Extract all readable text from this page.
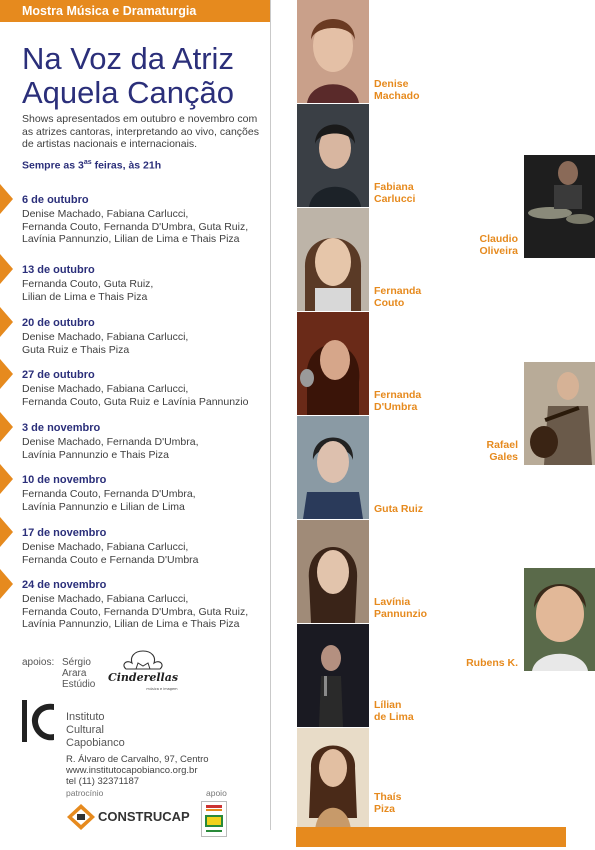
Mostra Música e Dramaturgia
Na Voz da Atriz
Aquela Canção
Shows apresentados em outubro e novembro com as atrizes cantoras, interpretando ao vivo, canções de artistas nacionais e internacionais.
Sempre as $3^{as}$ feiras, às 21h
6 de outubro
Denise Machado, Fabiana Carlucci,
Fernanda Couto, Fernanda D'Umbra, Guta Ruiz,
Lavínia Pannunzio, Lilian de Lima e Thais Piza
13 de outubro
Fernanda Couto, Guta Ruiz,
Lilian de Lima e Thais Piza
20 de outubro
Denise Machado, Fabiana Carlucci,
Guta Ruiz e Thais Piza
27 de outubro
Denise Machado, Fabiana Carlucci,
Fernanda Couto, Guta Ruiz e Lavínia Pannunzio
3 de novembro
Denise Machado, Fernanda D'Umbra,
Lavínia Pannunzio e Thais Piza
10 de novembro
Fernanda Couto, Fernanda D'Umbra,
Lavínia Pannunzio e Lilian de Lima
17 de novembro
Denise Machado, Fabiana Carlucci,
Fernanda Couto e Fernanda D'Umbra
24 de novembro
Denise Machado, Fabiana Carlucci,
Fernanda Couto, Fernanda D'Umbra, Guta Ruiz,
Lavínia Pannunzio, Lilian de Lima e Thais Piza
apoios: Sérgio
Arara
Estúdio
Cinderellas
música e imagem
Instituto
Cultural
Capobianco
R. Álvaro de Carvalho, 97, Centro
www.institutocapobianco.org.br
tel (11) 32371187
patrocínio	apoio
CONSTRUCAP
Denise
Machado
Fabiana
Carlucci
Fernanda
Couto
Fernanda
D'Umbra
Guta Ruiz
Lavínia
Pannunzio
Lílian
de Lima
Thaís
Piza
Claudio
Oliveira
Rafael
Gales
Rubens K.
